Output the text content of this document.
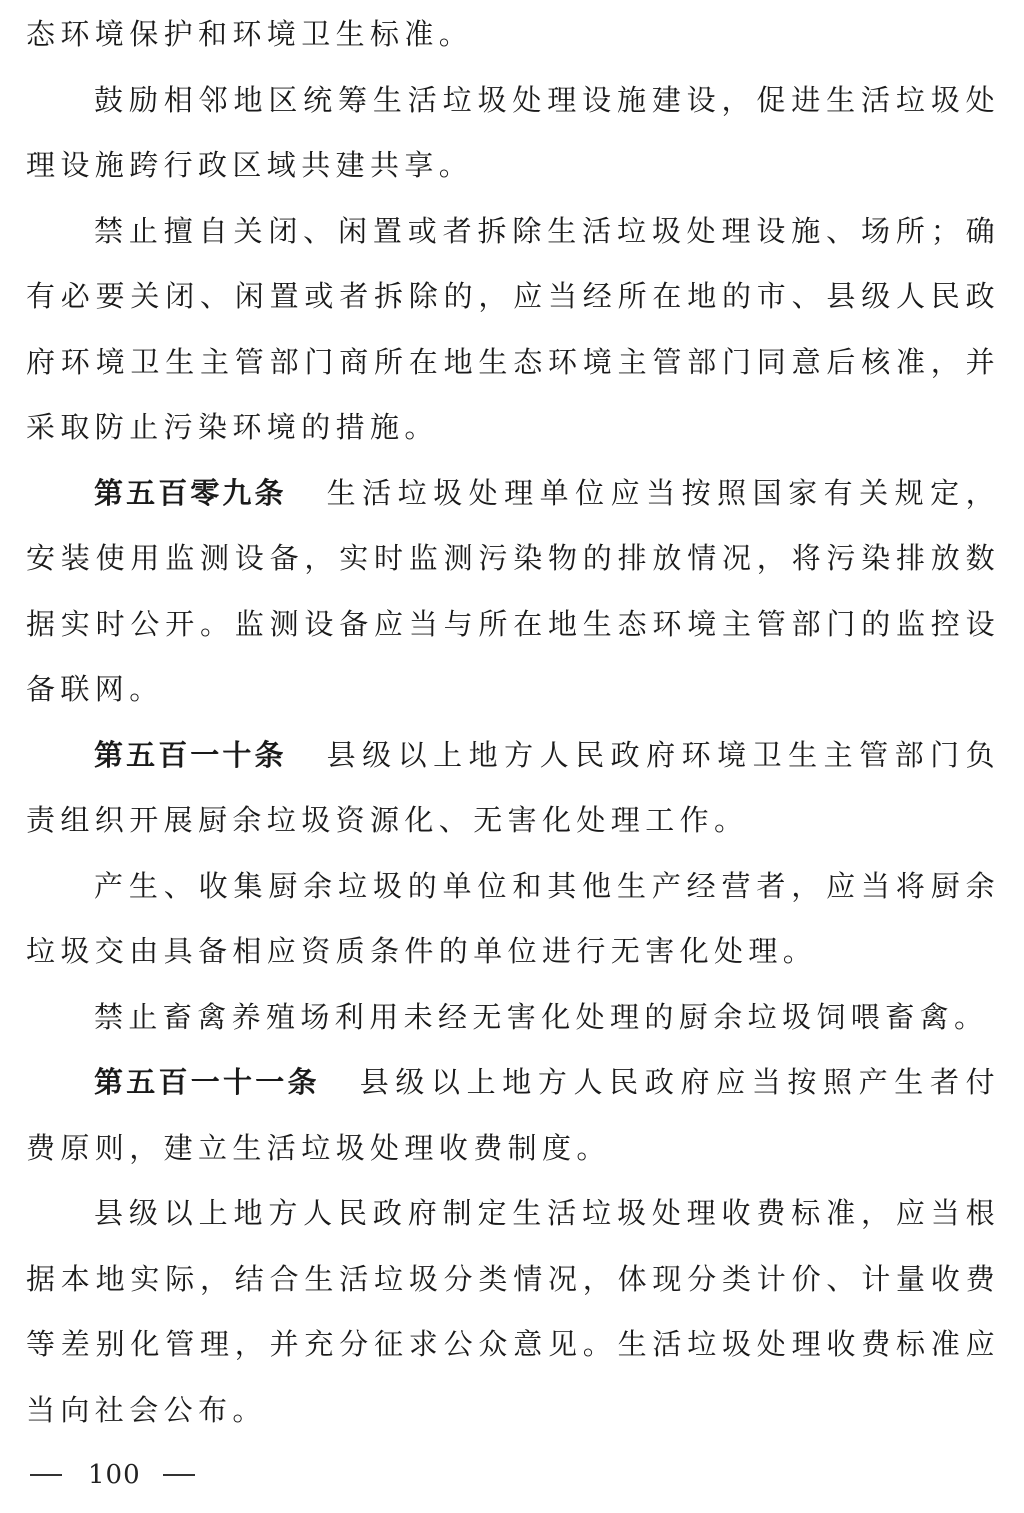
态环境保护和环境卫生标准。

鼓励相邻地区统筹生活垃圾处理设施建设，促进生活垃圾处理设施跨行政区域共建共享。

禁止擅自关闭、闲置或者拆除生活垃圾处理设施、场所；确有必要关闭、闲置或者拆除的，应当经所在地的市、县级人民政府环境卫生主管部门商所在地生态环境主管部门同意后核准，并采取防止污染环境的措施。

第五百零九条 生活垃圾处理单位应当按照国家有关规定，安装使用监测设备，实时监测污染物的排放情况，将污染排放数据实时公开。监测设备应当与所在地生态环境主管部门的监控设备联网。

第五百一十条 县级以上地方人民政府环境卫生主管部门负责组织开展厨余垃圾资源化、无害化处理工作。

产生、收集厨余垃圾的单位和其他生产经营者，应当将厨余垃圾交由具备相应资质条件的单位进行无害化处理。

禁止畜禽养殖场利用未经无害化处理的厨余垃圾饲喂畜禽。

第五百一十一条 县级以上地方人民政府应当按照产生者付费原则，建立生活垃圾处理收费制度。

县级以上地方人民政府制定生活垃圾处理收费标准，应当根据本地实际，结合生活垃圾分类情况，体现分类计价、计量收费等差别化管理，并充分征求公众意见。生活垃圾处理收费标准应当向社会公布。

100
